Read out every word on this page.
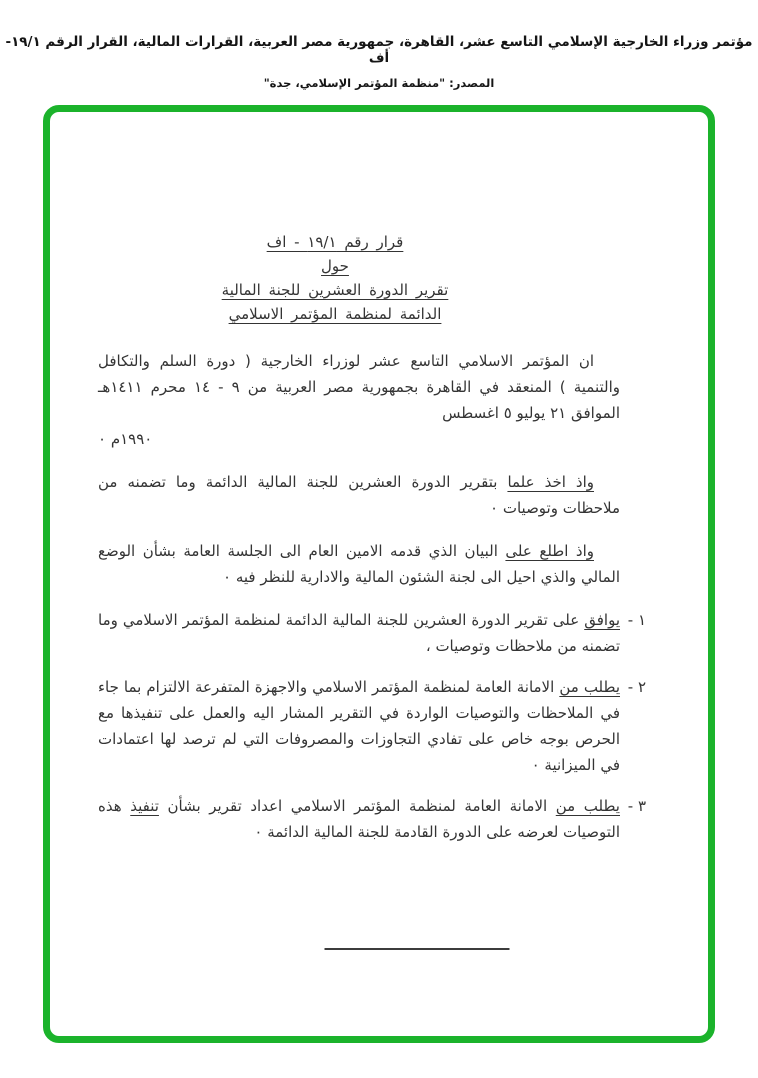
مؤتمر وزراء الخارجية الإسلامي التاسع عشر، القاهرة، جمهورية مصر العربية، القرارات المالية، القرار الرقم ١٩/١- أف
المصدر: "منظمة المؤتمر الإسلامي، جدة"
قرار رقم ١٩/١ - اف
حول
تقرير الدورة العشرين للجنة المالية
الدائمة لمنظمة المؤتمر الاسلامي
ان المؤتمر الاسلامي التاسع عشر لوزراء الخارجية ( دورة السلم والتكافل والتنمية ) المنعقد في القاهرة بجمهورية مصر العربية من ٩ - ١٤ محرم ١٤١١هـ الموافق ٢١ يوليو ٥ اغسطس
١٩٩٠م ٠
واذ اخذ علما بتقرير الدورة العشرين للجنة المالية الدائمة وما تضمنه من ملاحظات وتوصيات ٠
واذ اطلع على البيان الذي قدمه الامين العام الى الجلسة العامة بشأن الوضع المالي والذي احيل الى لجنة الشئون المالية والادارية للنظر فيه ٠
١ -
يوافق على تقرير الدورة العشرين للجنة المالية الدائمة لمنظمة المؤتمر الاسلامي وما تضمنه من ملاحظات وتوصيات ،
٢ -
يطلب من الامانة العامة لمنظمة المؤتمر الاسلامي والاجهزة المتفرعة الالتزام بما جاء في الملاحظات والتوصيات الواردة في التقرير المشار اليه والعمل على تنفيذها مع الحرص بوجه خاص على تفادي التجاوزات والمصروفات التي لم ترصد لها اعتمادات في الميزانية ٠
٣ -
يطلب من الامانة العامة لمنظمة المؤتمر الاسلامي اعداد تقرير بشأن تنفيذ هذه التوصيات لعرضه على الدورة القادمة للجنة المالية الدائمة ٠
